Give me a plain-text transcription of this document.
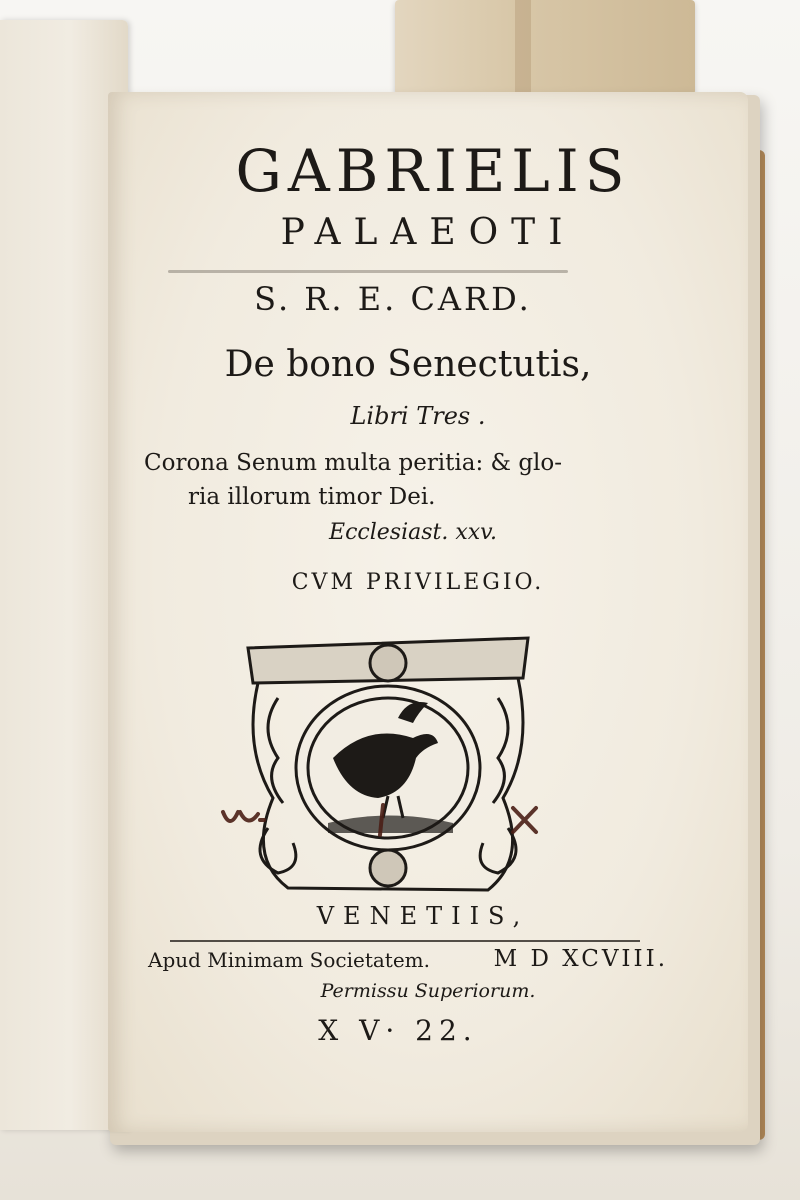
GABRIELIS
PALAEOTI
S. R. E. CARD.
De bono Senectutis,
Libri Tres .
Corona Senum multa peritia: & glo-
ria illorum timor Dei.
Ecclesiast. xxv.
CVM PRIVILEGIO.
VENETIIS,
Apud Minimam Societatem.	M D XCVIII.
Permissu Superiorum.
X V· 22.
